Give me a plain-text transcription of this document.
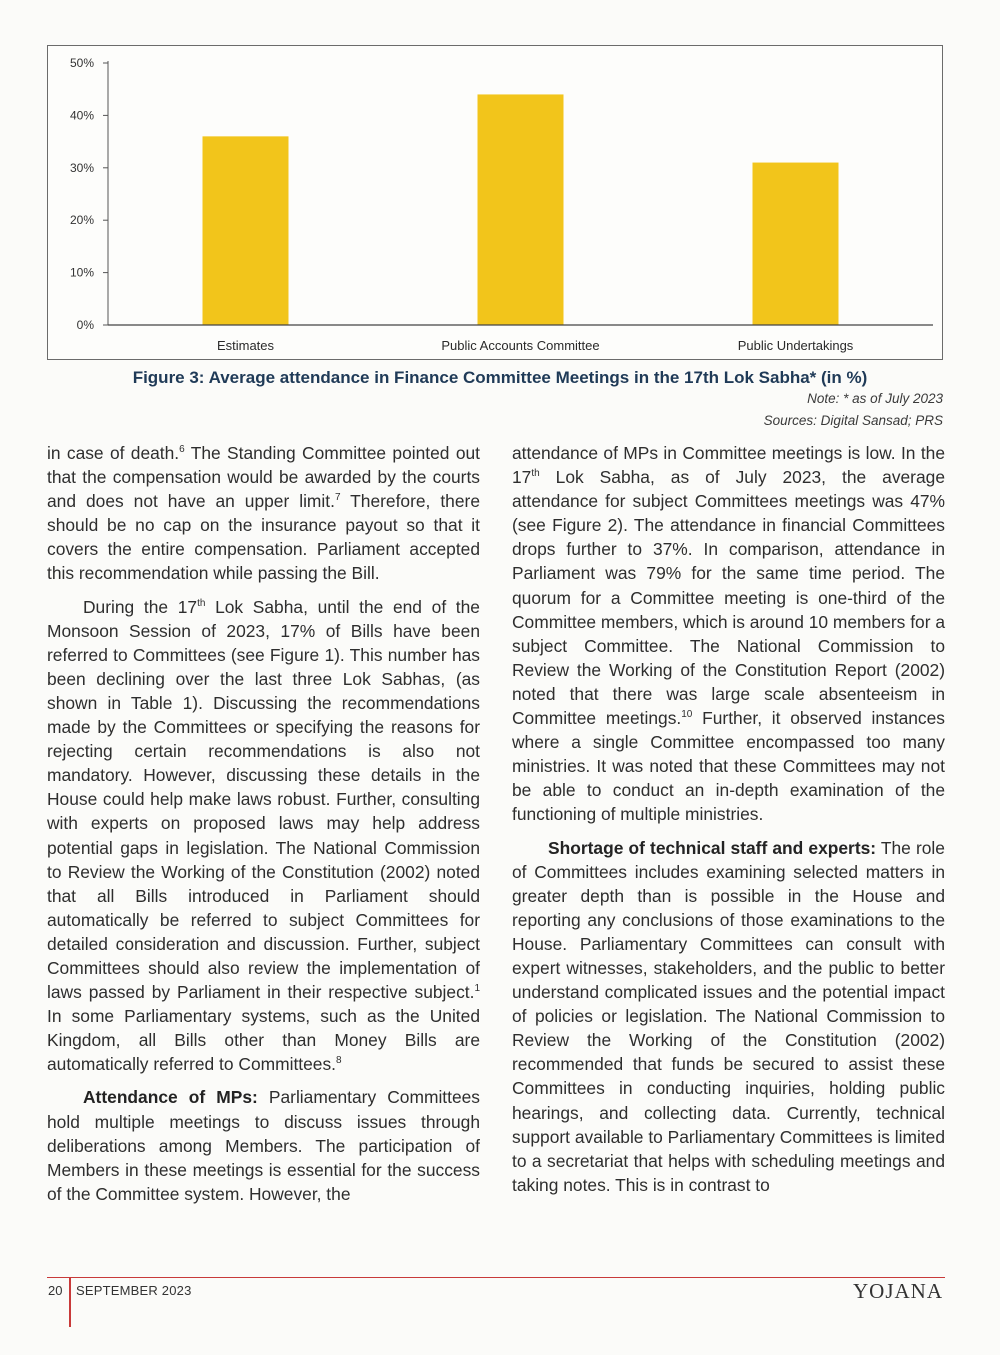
0%
10%
20%
30%
40%
50%
Estimates	Public Accounts Committee	Public Undertakings
Figure 3: Average attendance in Finance Committee Meetings in the 17th Lok Sabha* (in %)
Note: * as of July 2023
Sources: Digital Sansad; PRS

in case of death.$^6$ The Standing Committee pointed out that the compensation would be awarded by the courts and does not have an upper limit.$^7$ Therefore, there should be no cap on the insurance payout so that it covers the entire compensation. Parliament accepted this recommendation while passing the Bill.

During the 17th Lok Sabha, until the end of the Monsoon Session of 2023, 17% of Bills have been referred to Committees (see Figure 1). This number has been declining over the last three Lok Sabhas, (as shown in Table 1). Discussing the recommendations made by the Committees or specifying the reasons for rejecting certain recommendations is also not mandatory. However, discussing these details in the House could help make laws robust. Further, consulting with experts on proposed laws may help address potential gaps in legislation. The National Commission to Review the Working of the Constitution (2002) noted that all Bills introduced in Parliament should automatically be referred to subject Committees for detailed consideration and discussion. Further, subject Committees should also review the implementation of laws passed by Parliament in their respective subject.$^1$ In some Parliamentary systems, such as the United Kingdom, all Bills other than Money Bills are automatically referred to Committees.$^8$

Attendance of MPs: Parliamentary Committees hold multiple meetings to discuss issues through deliberations among Members. The participation of Members in these meetings is essential for the success of the Committee system. However, the

attendance of MPs in Committee meetings is low. In the 17th Lok Sabha, as of July 2023, the average attendance for subject Committees meetings was 47% (see Figure 2). The attendance in financial Committees drops further to 37%. In comparison, attendance in Parliament was 79% for the same time period. The quorum for a Committee meeting is one-third of the Committee members, which is around 10 members for a subject Committee. The National Commission to Review the Working of the Constitution Report (2002) noted that there was large scale absenteeism in Committee meetings.$^{10}$ Further, it observed instances where a single Committee encompassed too many ministries. It was noted that these Committees may not be able to conduct an in-depth examination of the functioning of multiple ministries.

Shortage of technical staff and experts: The role of Committees includes examining selected matters in greater depth than is possible in the House and reporting any conclusions of those examinations to the House. Parliamentary Committees can consult with expert witnesses, stakeholders, and the public to better understand complicated issues and the potential impact of policies or legislation. The National Commission to Review the Working of the Constitution (2002) recommended that funds be secured to assist these Committees in conducting inquiries, holding public hearings, and collecting data. Currently, technical support available to Parliamentary Committees is limited to a secretariat that helps with scheduling meetings and taking notes. This is in contrast to

20 SEPTEMBER 2023	YOJANA
